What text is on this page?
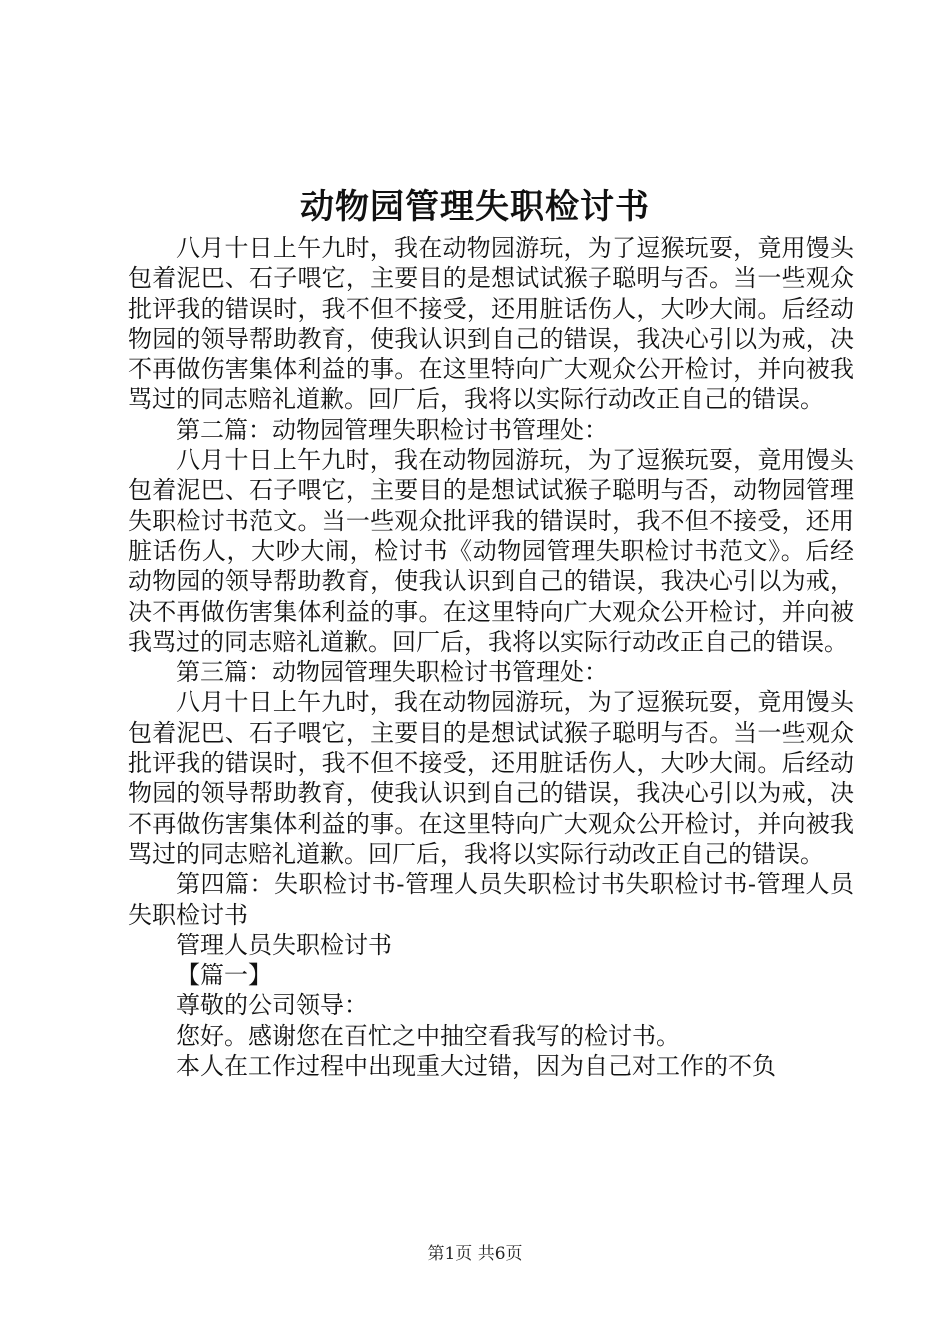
动物园管理失职检讨书

八月十日上午九时，我在动物园游玩，为了逗猴玩耍，竟用馒头包着泥巴、石子喂它，主要目的是想试试猴子聪明与否。当一些观众批评我的错误时，我不但不接受，还用脏话伤人，大吵大闹。后经动物园的领导帮助教育，使我认识到自己的错误，我决心引以为戒，决不再做伤害集体利益的事。在这里特向广大观众公开检讨，并向被我骂过的同志赔礼道歉。回厂后，我将以实际行动改正自己的错误。

第二篇：动物园管理失职检讨书管理处：

八月十日上午九时，我在动物园游玩，为了逗猴玩耍，竟用馒头包着泥巴、石子喂它，主要目的是想试试猴子聪明与否，动物园管理失职检讨书范文。当一些观众批评我的错误时，我不但不接受，还用脏话伤人，大吵大闹，检讨书《动物园管理失职检讨书范文》。后经动物园的领导帮助教育，使我认识到自己的错误，我决心引以为戒，决不再做伤害集体利益的事。在这里特向广大观众公开检讨，并向被我骂过的同志赔礼道歉。回厂后，我将以实际行动改正自己的错误。

第三篇：动物园管理失职检讨书管理处：

八月十日上午九时，我在动物园游玩，为了逗猴玩耍，竟用馒头包着泥巴、石子喂它，主要目的是想试试猴子聪明与否。当一些观众批评我的错误时，我不但不接受，还用脏话伤人，大吵大闹。后经动物园的领导帮助教育，使我认识到自己的错误，我决心引以为戒，决不再做伤害集体利益的事。在这里特向广大观众公开检讨，并向被我骂过的同志赔礼道歉。回厂后，我将以实际行动改正自己的错误。

第四篇：失职检讨书-管理人员失职检讨书失职检讨书-管理人员失职检讨书

管理人员失职检讨书

【篇一】

尊敬的公司领导：

您好。感谢您在百忙之中抽空看我写的检讨书。

本人在工作过程中出现重大过错，因为自己对工作的不负

第1页 共6页
